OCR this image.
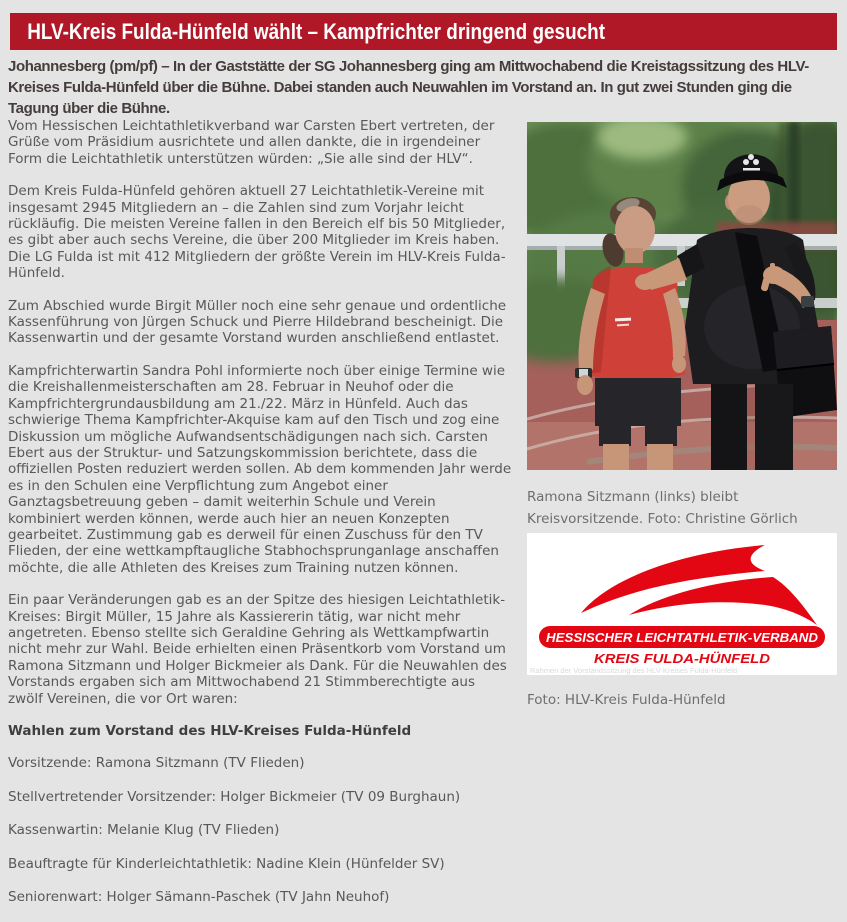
HLV-Kreis Fulda-Hünfeld wählt – Kampfrichter dringend gesucht
Johannesberg (pm/pf) – In der Gaststätte der SG Johannesberg ging am Mittwochabend die Kreistagssitzung des HLV-Kreises Fulda-Hünfeld über die Bühne. Dabei standen auch Neuwahlen im Vorstand an. In gut zwei Stunden ging die Tagung über die Bühne.

Vom Hessischen Leichtathletikverband war Carsten Ebert vertreten, der Grüße vom Präsidium ausrichtete und allen dankte, die in irgendeiner Form die Leichtathletik unterstützen würden: „Sie alle sind der HLV“.

Dem Kreis Fulda-Hünfeld gehören aktuell 27 Leichtathletik-Vereine mit insgesamt 2945 Mitgliedern an – die Zahlen sind zum Vorjahr leicht rückläufig. Die meisten Vereine fallen in den Bereich elf bis 50 Mitglieder, es gibt aber auch sechs Vereine, die über 200 Mitglieder im Kreis haben. Die LG Fulda ist mit 412 Mitgliedern der größte Verein im HLV-Kreis Fulda-Hünfeld.

Zum Abschied wurde Birgit Müller noch eine sehr genaue und ordentliche Kassenführung von Jürgen Schuck und Pierre Hildebrand bescheinigt. Die Kassenwartin und der gesamte Vorstand wurden anschließend entlastet.

Kampfrichterwartin Sandra Pohl informierte noch über einige Termine wie die Kreishallenmeisterschaften am 28. Februar in Neuhof oder die Kampfrichtergrundausbildung am 21./22. März in Hünfeld. Auch das schwierige Thema Kampfrichter-Akquise kam auf den Tisch und zog eine Diskussion um mögliche Aufwandsentschädigungen nach sich. Carsten Ebert aus der Struktur- und Satzungskommission berichtete, dass die offiziellen Posten reduziert werden sollen. Ab dem kommenden Jahr werde es in den Schulen eine Verpflichtung zum Angebot einer Ganztagsbetreuung geben – damit weiterhin Schule und Verein kombiniert werden können, werde auch hier an neuen Konzepten gearbeitet. Zustimmung gab es derweil für einen Zuschuss für den TV Flieden, der eine wettkampftaugliche Stabhochsprunganlage anschaffen möchte, die alle Athleten des Kreises zum Training nutzen können.

Ein paar Veränderungen gab es an der Spitze des hiesigen Leichtathletik-Kreises: Birgit Müller, 15 Jahre als Kassiererin tätig, war nicht mehr angetreten. Ebenso stellte sich Geraldine Gehring als Wettkampfwartin nicht mehr zur Wahl. Beide erhielten einen Präsentkorb vom Vorstand um Ramona Sitzmann und Holger Bickmeier als Dank. Für die Neuwahlen des Vorstands ergaben sich am Mittwochabend 21 Stimmberechtigte aus zwölf Vereinen, die vor Ort waren:

Wahlen zum Vorstand des HLV-Kreises Fulda-Hünfeld

Vorsitzende: Ramona Sitzmann (TV Flieden)

Stellvertretender Vorsitzender: Holger Bickmeier (TV 09 Burghaun)

Kassenwartin: Melanie Klug (TV Flieden)

Beauftragte für Kinderleichtathletik: Nadine Klein (Hünfelder SV)

Seniorenwart: Holger Sämann-Paschek (TV Jahn Neuhof)

Ramona Sitzmann (links) bleibt Kreisvorsitzende. Foto: Christine Görlich
HESSISCHER LEICHTATHLETIK-VERBAND
KREIS FULDA-HÜNFELD
Rahmen der Vorstandssitzung des HLV-Kreises Fulda-Hünfeld
Foto: HLV-Kreis Fulda-Hünfeld
